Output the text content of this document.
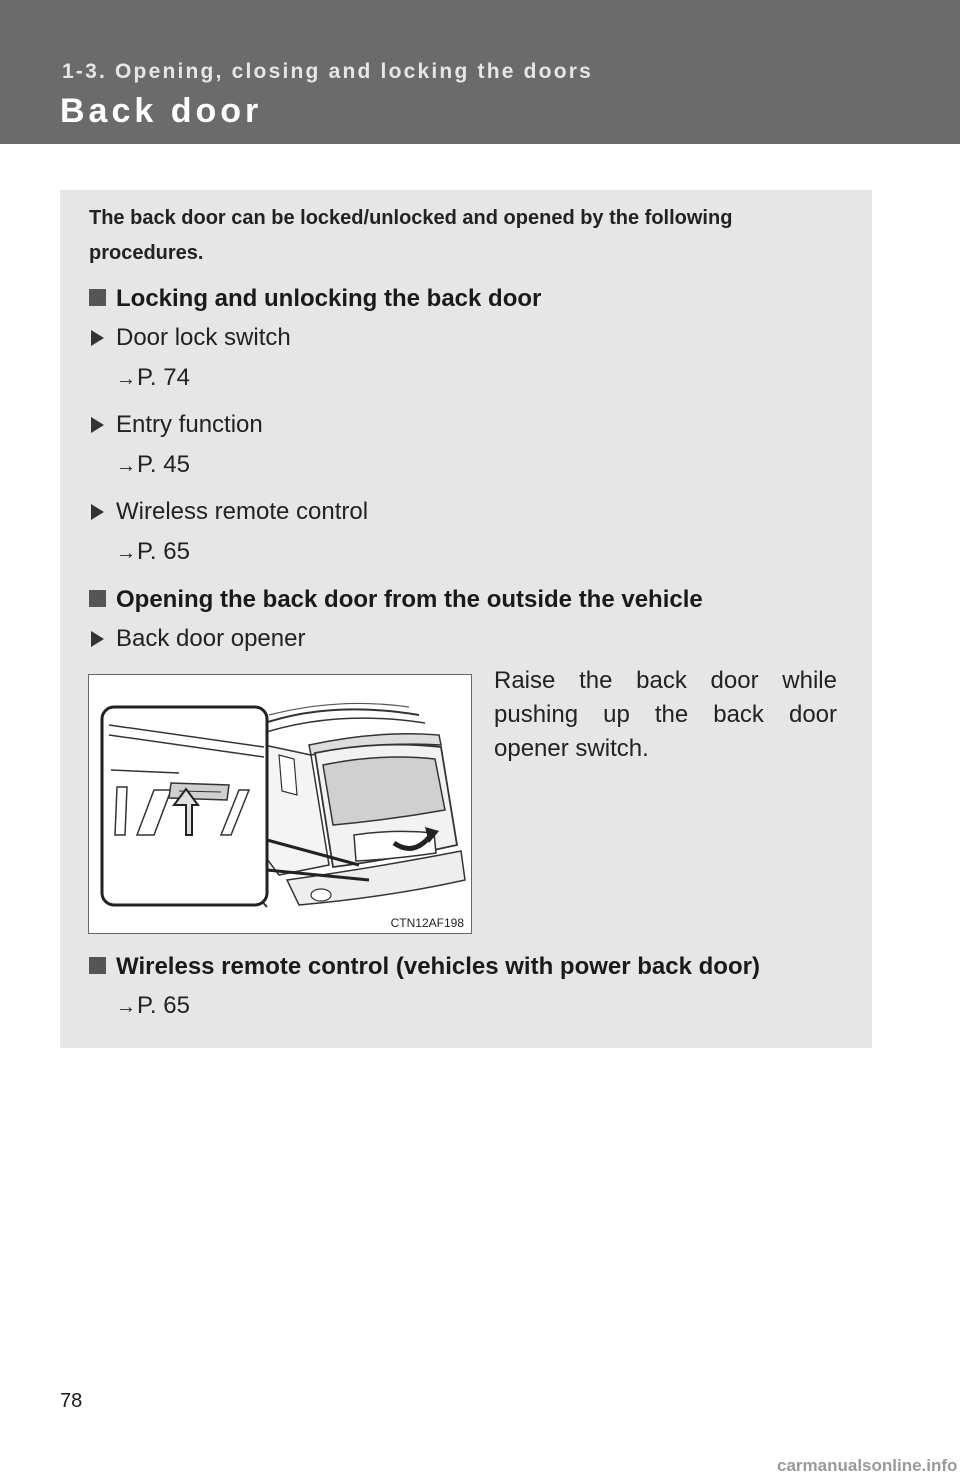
1-3. Opening, closing and locking the doors
Back door
The back door can be locked/unlocked and opened by the following procedures.
Locking and unlocking the back door
Door lock switch
→P. 74
Entry function
→P. 45
Wireless remote control
→P. 65
Opening the back door from the outside the vehicle
Back door opener
Raise the back door while pushing up the back door opener switch.
CTN12AF198
Wireless remote control (vehicles with power back door)
→P. 65
78
carmanualsonline.info
